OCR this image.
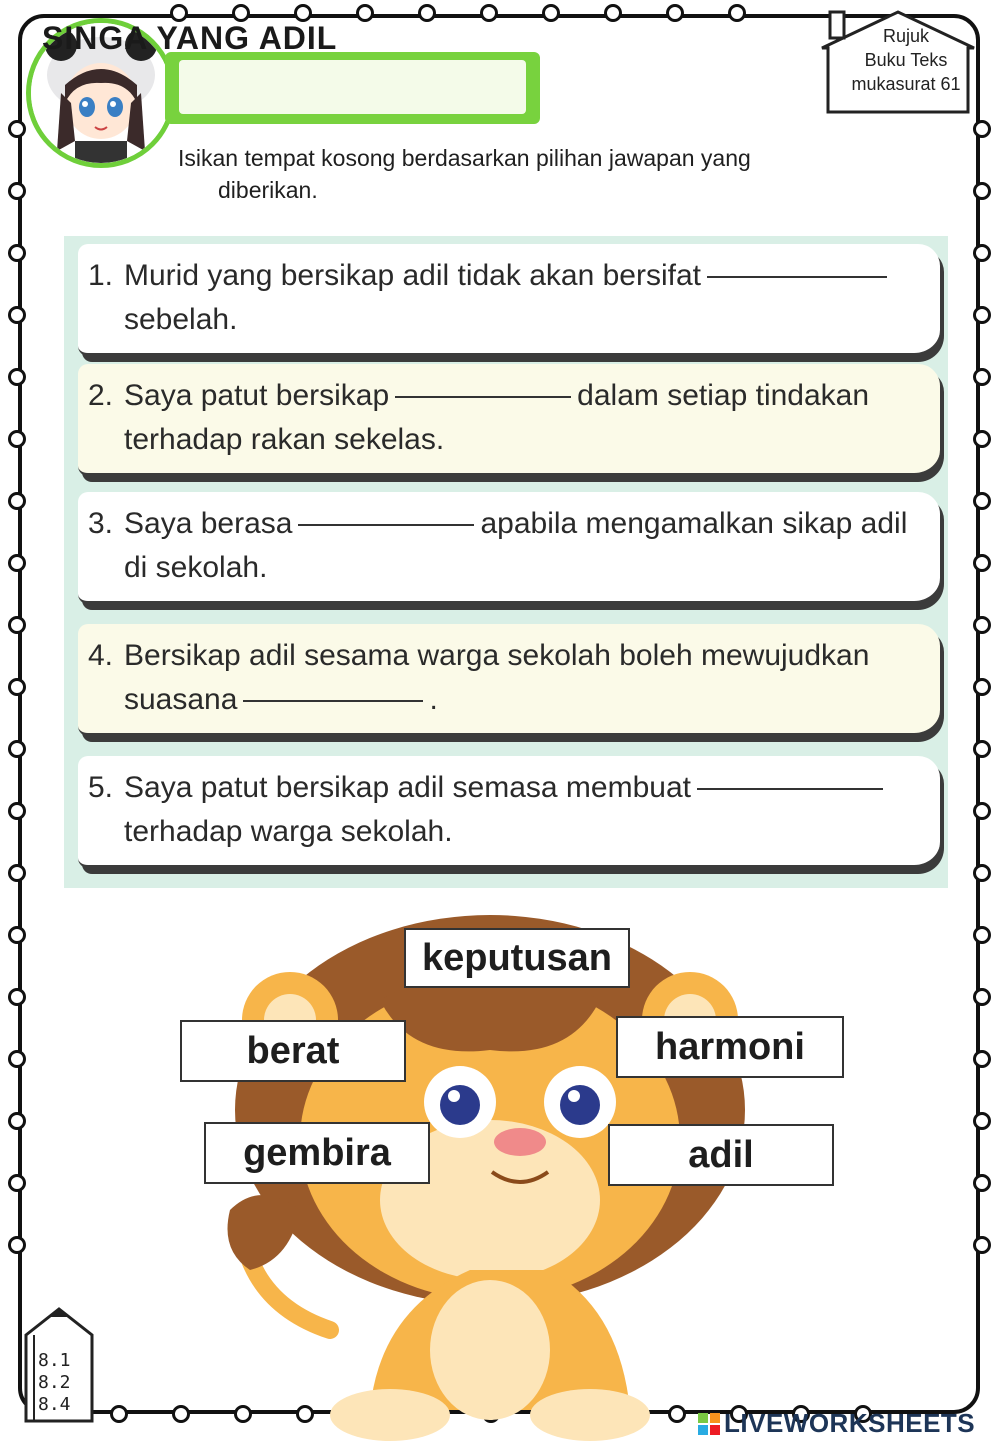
SINGA YANG ADIL	Rujuk
Buku Teks
mukasurat 61
Isikan tempat kosong berdasarkan pilihan jawapan yang
diberikan.
1. Murid yang bersikap adil tidak akan bersifat
sebelah.
2. Saya patut bersikap	dalam setiap tindakan
terhadap rakan sekelas.
3. Saya berasa	apabila mengamalkan sikap adil
di sekolah.
4. Bersikap adil sesama warga sekolah boleh mewujudkan
suasana	.
5. Saya patut bersikap adil semasa membuat
terhadap warga sekolah.
keputusan
berat	harmoni
gembira	adil
8.1
8.2
8.4
LIVEWORKSHEETS
